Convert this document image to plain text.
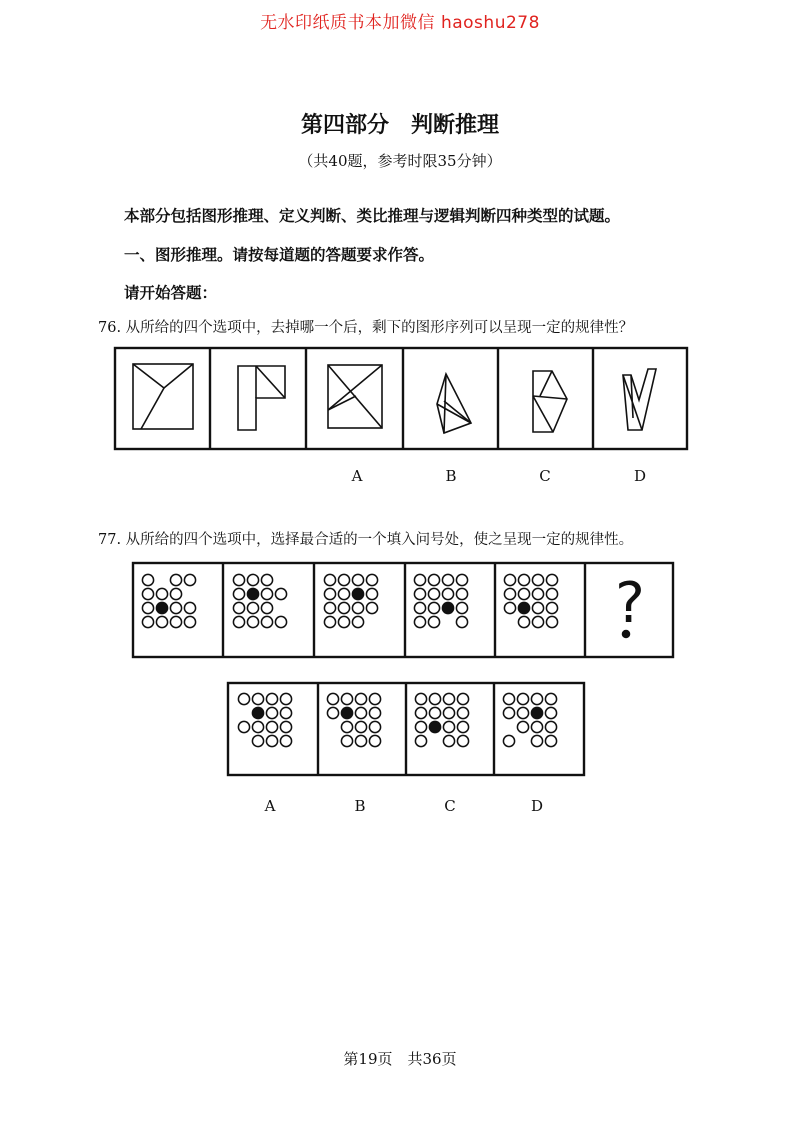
无水印纸质书本加微信 haoshu278
第四部分　判断推理
（共40题，参考时限35分钟）
本部分包括图形推理、定义判断、类比推理与逻辑判断四种类型的试题。
一、图形推理。请按每道题的答题要求作答。
请开始答题：
76. 从所给的四个选项中，去掉哪一个后，剩下的图形序列可以呈现一定的规律性？
A	B	C	D
77. 从所给的四个选项中，选择最合适的一个填入问号处，使之呈现一定的规律性。
?
A	B	C	D
第19页　共36页
